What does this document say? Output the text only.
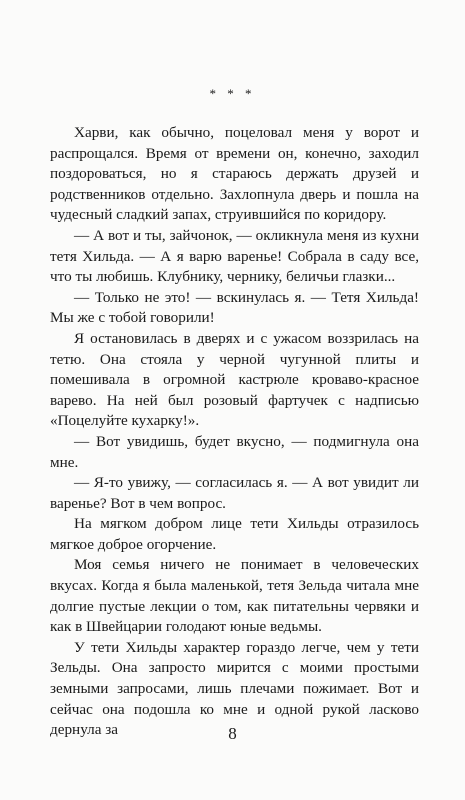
* * *

Харви, как обычно, поцеловал меня у ворот и распрощался. Время от времени он, конечно, заходил поздороваться, но я стараюсь держать друзей и родственников отдельно. Захлопнула дверь и пошла на чудесный сладкий запах, струившийся по коридору.

— А вот и ты, зайчонок, — окликнула меня из кухни тетя Хильда. — А я варю варенье! Собрала в саду все, что ты любишь. Клубнику, чернику, беличьи глазки...

— Только не это! — вскинулась я. — Тетя Хильда! Мы же с тобой говорили!

Я остановилась в дверях и с ужасом воззрилась на тетю. Она стояла у черной чугунной плиты и помешивала в огромной кастрюле кроваво-красное варево. На ней был розовый фартучек с надписью «Поцелуйте кухарку!».

— Вот увидишь, будет вкусно, — подмигнула она мне.

— Я-то увижу, — согласилась я. — А вот увидит ли варенье? Вот в чем вопрос.

На мягком добром лице тети Хильды отразилось мягкое доброе огорчение.

Моя семья ничего не понимает в человеческих вкусах. Когда я была маленькой, тетя Зельда читала мне долгие пустые лекции о том, как питательны червяки и как в Швейцарии голодают юные ведьмы.

У тети Хильды характер гораздо легче, чем у тети Зельды. Она запросто мирится с моими простыми земными запросами, лишь плечами пожимает. Вот и сейчас она подошла ко мне и одной рукой ласково дернула за	8
